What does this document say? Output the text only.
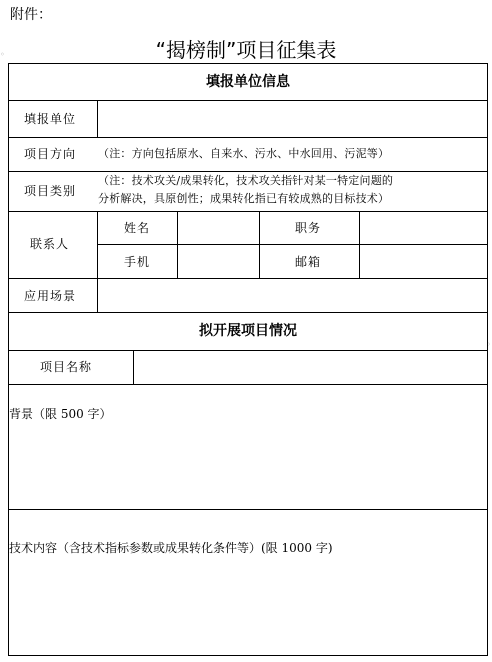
附件：
“揭榜制”项目征集表
◦
◦
填报单位信息
填报单位
项目方向 （注：方向包括原水、自来水、污水、中水回用、污泥等）
项目类别
（注：技术攻关/成果转化，技术攻关指针对某一特定问题的
分析解决，具原创性；成果转化指已有较成熟的目标技术）
联系人
姓名	职务
手机	邮箱
应用场景
拟开展项目情况
项目名称
背景（限 500 字）
技术内容（含技术指标参数或成果转化条件等）(限 1000 字)
